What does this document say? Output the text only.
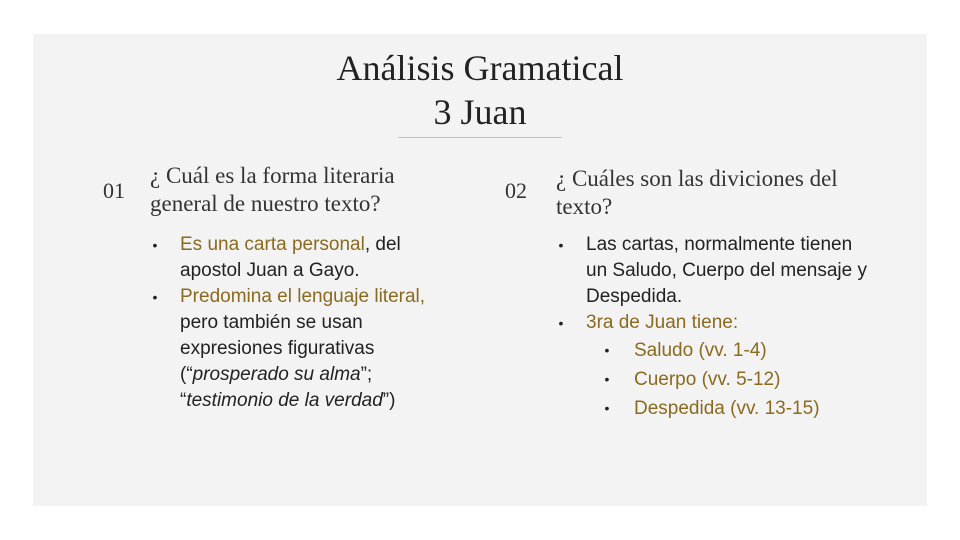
Análisis Gramatical
3 Juan
01
¿ Cuál es la forma literaria
general de nuestro texto?
• Es una carta personal, del
apostol Juan a Gayo.
• Predomina el lenguaje literal,
pero también se usan
expresiones figurativas
(“prosperado su alma”;
“testimonio de la verdad”)
02 ¿ Cuáles son las diviciones del
texto?
• Las cartas, normalmente tienen
un Saludo, Cuerpo del mensaje y
Despedida.
• 3ra de Juan tiene:
• Saludo (vv. 1-4)
• Cuerpo (vv. 5-12)
• Despedida (vv. 13-15)
